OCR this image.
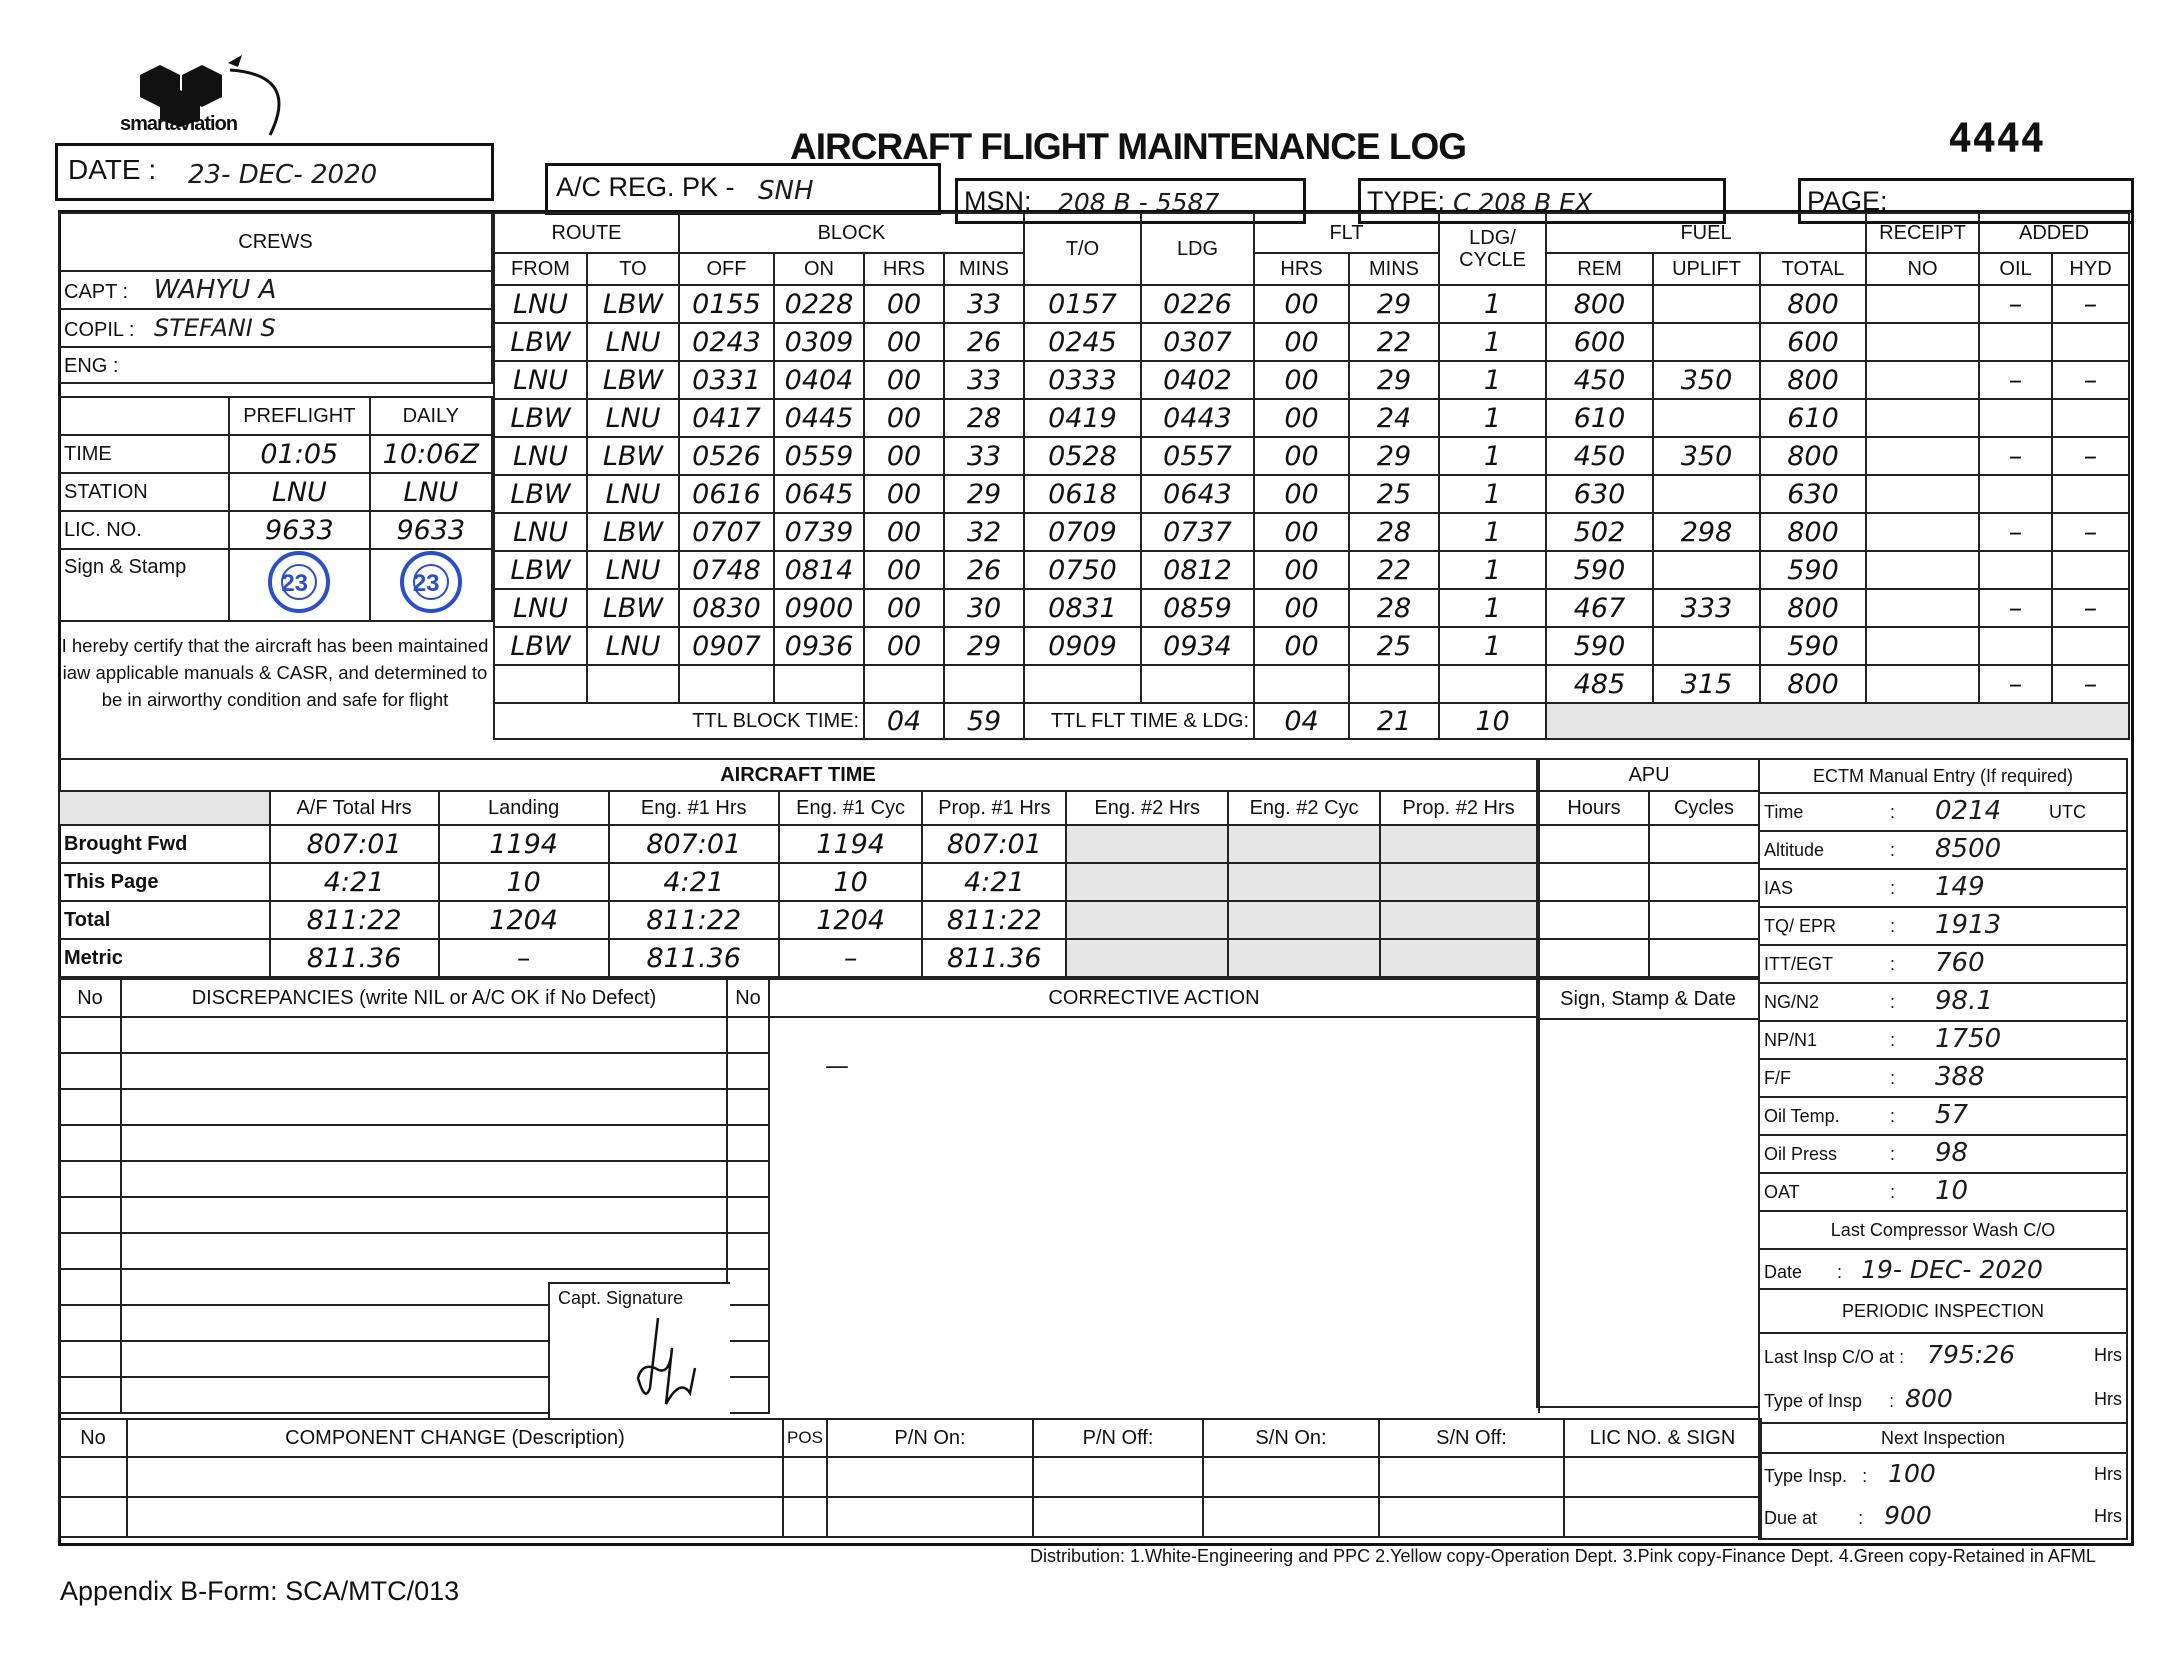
smartaviation
AIRCRAFT FLIGHT MAINTENANCE LOG	4444
DATE : 23- DEC- 2020	A/C REG. PK - SNH	MSN: 208 B - 5587	TYPE: C 208 B EX	PAGE:
CREWS
CAPT : WAHYU A
COPIL : STEFANI S
ENG :
	PREFLIGHT	DAILY
TIME	01:05	10:06Z
STATION	LNU	LNU
LIC. NO.	9633	9633
Sign & Stamp	23	23
I hereby certify that the aircraft has been maintained iaw applicable manuals & CASR, and determined to be in airworthy condition and safe for flight
ROUTE		BLOCK				T/O	LDG	FLT		LDG/ CYCLE	FUEL			RECEIPT	ADDED	
FROM	TO	OFF	ON	HRS	MINS			HRS	MINS		REM	UPLIFT	TOTAL	NO	OIL	HYD
LNU	LBW	0155	0228	00	33	0157	0226	00	29	1	800		800		–	–
LBW	LNU	0243	0309	00	26	0245	0307	00	22	1	600		600			
LNU	LBW	0331	0404	00	33	0333	0402	00	29	1	450	350	800		–	–
LBW	LNU	0417	0445	00	28	0419	0443	00	24	1	610		610			
LNU	LBW	0526	0559	00	33	0528	0557	00	29	1	450	350	800		–	–
LBW	LNU	0616	0645	00	29	0618	0643	00	25	1	630		630			
LNU	LBW	0707	0739	00	32	0709	0737	00	28	1	502	298	800		–	–
LBW	LNU	0748	0814	00	26	0750	0812	00	22	1	590		590			
LNU	LBW	0830	0900	00	30	0831	0859	00	28	1	467	333	800		–	–
LBW	LNU	0907	0936	00	29	0909	0934	00	25	1	590		590			
											485	315	800		–	–
TTL BLOCK TIME:				04	59	TTL FLT TIME & LDG:		04	21	10						
AIRCRAFT TIME								
	A/F Total Hrs	Landing	Eng. #1 Hrs	Eng. #1 Cyc	Prop. #1 Hrs	Eng. #2 Hrs	Eng. #2 Cyc	Prop. #2 Hrs
Brought Fwd	807:01	1194	807:01	1194	807:01			
This Page	4:21	10	4:21	10	4:21			
Total	811:22	1204	811:22	1204	811:22			
Metric	811.36	–	811.36	–	811.36			
APU	
Hours	Cycles

ECTM Manual Entry (If required)
Time	: 0214	UTC

Altitude	: 8500

IAS	: 149

TQ/ EPR	: 1913

ITT/EGT	: 760

NG/N2	: 98.1

NP/N1	: 1750

F/F	: 388

Oil Temp.	: 57

Oil Press	: 98

OAT	: 10

Last Compressor Wash C/O
Date : 19- DEC- 2020
PERIODIC INSPECTION

Last Insp C/O at : 795:26	Hrs
Type of Insp : 800	Hrs

Next Inspection

Type Insp. : 100	Hrs
Due at : 900	Hrs
No	DISCREPANCIES (write NIL or A/C OK if No Defect)	No	CORRECTIVE ACTION

				Sign, Stamp & Date

—
Capt. Signature
No	COMPONENT CHANGE (Description)	POS	P/N On:	P/N Off:	S/N On:	S/N Off:	LIC NO. & SIGN

Distribution: 1.White-Engineering and PPC 2.Yellow copy-Operation Dept. 3.Pink copy-Finance Dept. 4.Green copy-Retained in AFML
Appendix B-Form: SCA/MTC/013
